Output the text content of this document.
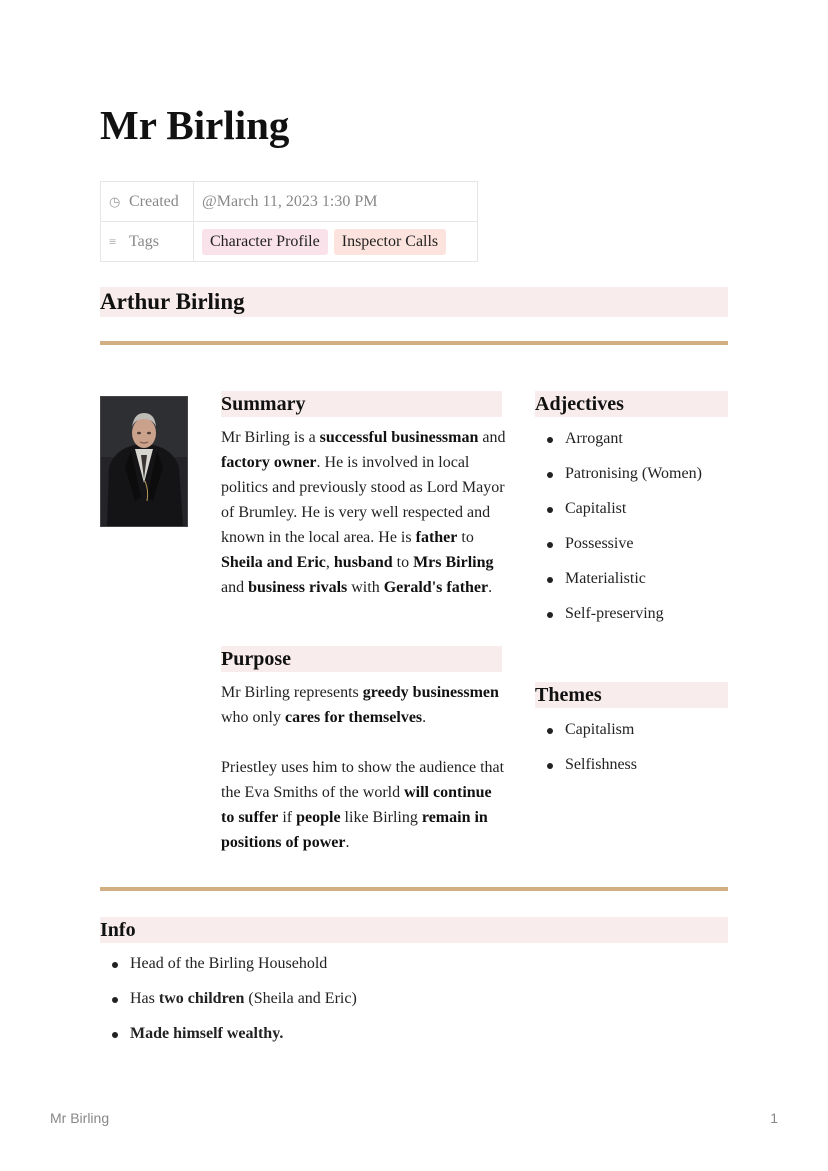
Mr Birling
◷ Created	@March 11, 2023 1:30 PM
≡ Tags	Character Profile Inspector Calls
Arthur Birling
Summary

Mr Birling is a successful businessman and factory owner. He is involved in local politics and previously stood as Lord Mayor of Brumley. He is very well respected and known in the local area. He is father to Sheila and Eric, husband to Mrs Birling and business rivals with Gerald's father.

Purpose

Mr Birling represents greedy businessmen who only cares for themselves.

Priestley uses him to show the audience that the Eva Smiths of the world will continue to suffer if people like Birling remain in positions of power.

Adjectives
Arrogant
Patronising (Women)
Capitalist
Possessive
Materialistic
Self-preserving
Themes
Capitalism
Selfishness
Info
Head of the Birling Household
Has two children (Sheila and Eric)
Made himself wealthy.
Mr Birling	1
